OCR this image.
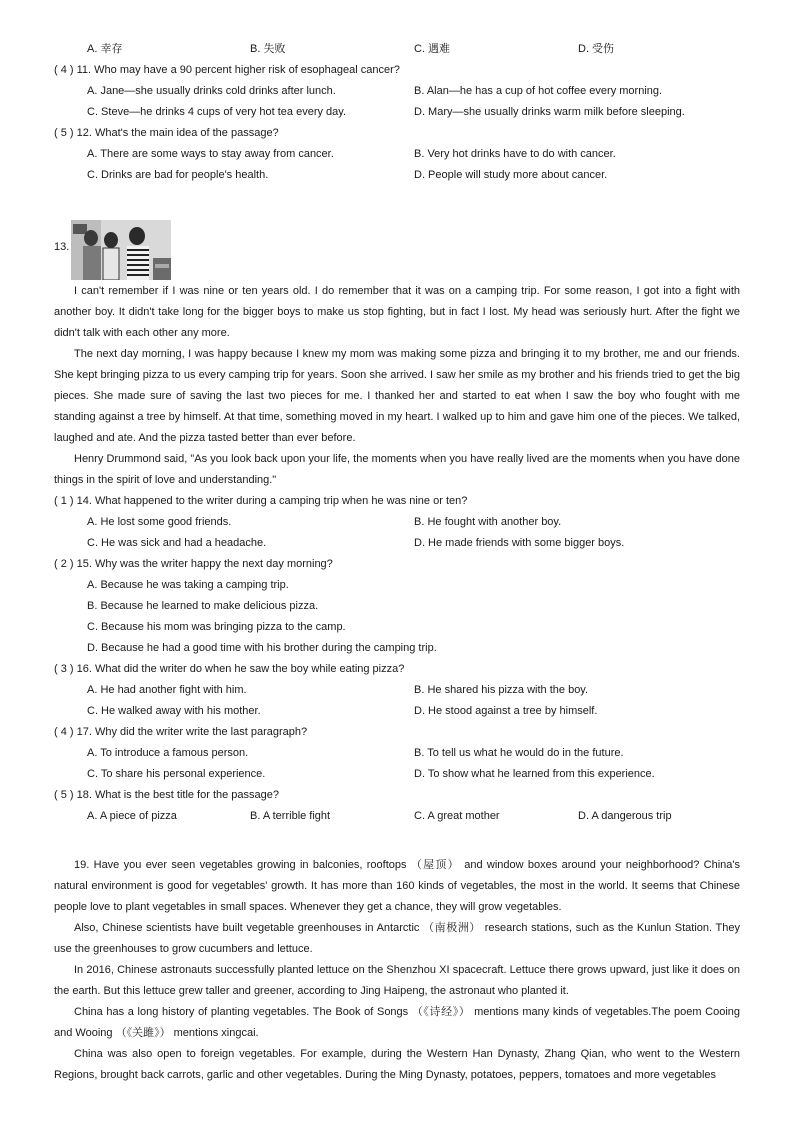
A. 幸存	B. 失败	C. 遇难	D. 受伤
( 4 ) 11. Who may have a 90 percent higher risk of esophageal cancer?
A. Jane—she usually drinks cold drinks after lunch.	B. Alan—he has a cup of hot coffee every morning.
C. Steve—he drinks 4 cups of very hot tea every day.	D. Mary—she usually drinks warm milk before sleeping.
( 5 ) 12. What's the main idea of the passage?
A. There are some ways to stay away from cancer.	B. Very hot drinks have to do with cancer.
C. Drinks are bad for people's health.	D. People will study more about cancer.
13.

I can't remember if I was nine or ten years old. I do remember that it was on a camping trip. For some reason, I got into a fight with another boy. It didn't take long for the bigger boys to make us stop fighting, but in fact I lost. My head was seriously hurt. After the fight we didn't talk with each other any more.

The next day morning, I was happy because I knew my mom was making some pizza and bringing it to my brother, me and our friends. She kept bringing pizza to us every camping trip for years. Soon she arrived. I saw her smile as my brother and his friends tried to get the big pieces. She made sure of saving the last two pieces for me. I thanked her and started to eat when I saw the boy who fought with me standing against a tree by himself. At that time, something moved in my heart. I walked up to him and gave him one of the pieces. We talked, laughed and ate. And the pizza tasted better than ever before.

Henry Drummond said, "As you look back upon your life, the moments when you have really lived are the moments when you have done things in the spirit of love and understanding."

( 1 ) 14. What happened to the writer during a camping trip when he was nine or ten?
A. He lost some good friends.	B. He fought with another boy.
C. He was sick and had a headache.	D. He made friends with some bigger boys.
( 2 ) 15. Why was the writer happy the next day morning?
A. Because he was taking a camping trip.
B. Because he learned to make delicious pizza.
C. Because his mom was bringing pizza to the camp.
D. Because he had a good time with his brother during the camping trip.
( 3 ) 16. What did the writer do when he saw the boy while eating pizza?
A. He had another fight with him.	B. He shared his pizza with the boy.
C. He walked away with his mother.	D. He stood against a tree by himself.
( 4 ) 17. Why did the writer write the last paragraph?
A. To introduce a famous person.	B. To tell us what he would do in the future.
C. To share his personal experience.	D. To show what he learned from this experience.
( 5 ) 18. What is the best title for the passage?
A. A piece of pizza	B. A terrible fight	C. A great mother	D. A dangerous trip

19. Have you ever seen vegetables growing in balconies, rooftops （屋顶） and window boxes around your neighborhood? China's natural environment is good for vegetables' growth. It has more than 160 kinds of vegetables, the most in the world. It seems that Chinese people love to plant vegetables in small spaces. Whenever they get a chance, they will grow vegetables.

Also, Chinese scientists have built vegetable greenhouses in Antarctic （南极洲） research stations, such as the Kunlun Station. They use the greenhouses to grow cucumbers and lettuce.

In 2016, Chinese astronauts successfully planted lettuce on the Shenzhou XI spacecraft. Lettuce there grows upward, just like it does on the earth. But this lettuce grew taller and greener, according to Jing Haipeng, the astronaut who planted it.

China has a long history of planting vegetables. The Book of Songs （《诗经》） mentions many kinds of vegetables.The poem Cooing and Wooing （《关雎》） mentions xingcai.

China was also open to foreign vegetables. For example, during the Western Han Dynasty, Zhang Qian, who went to the Western Regions, brought back carrots, garlic and other vegetables. During the Ming Dynasty, potatoes, peppers, tomatoes and more vegetables
